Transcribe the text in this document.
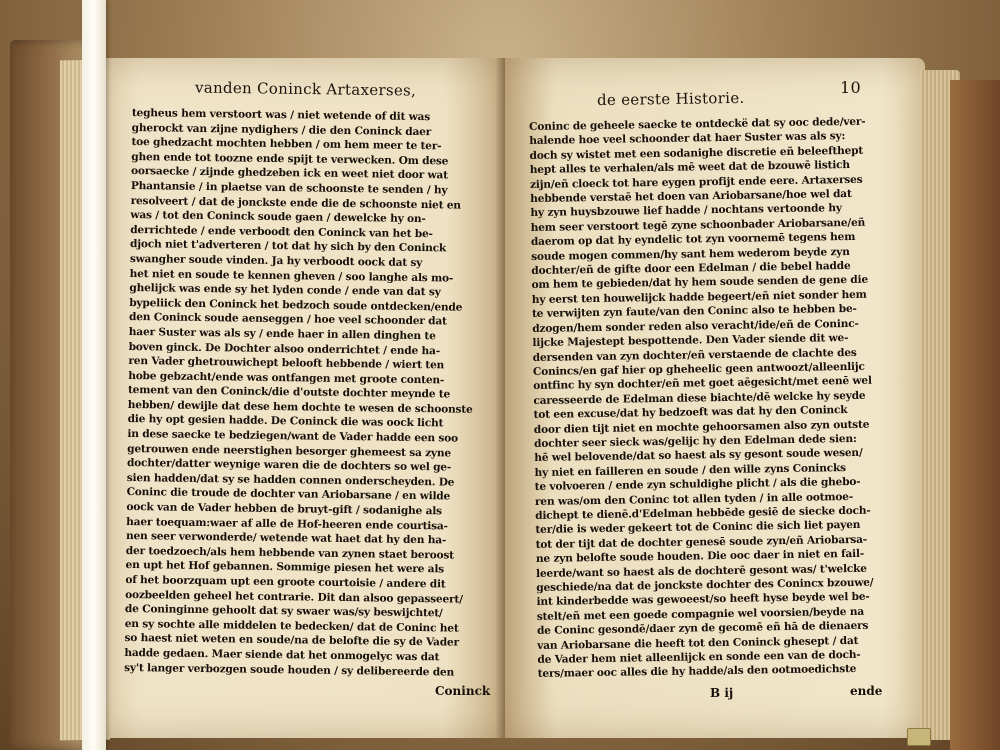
vanden Coninck Artaxerses,
tegheus hem verstoort was / niet wetende of dit was
gherockt van zijne nydighers / die den Coninck daer
toe ghedzacht mochten hebben / om hem meer te ter-
ghen ende tot toozne ende spijt te verwecken. Om dese
oorsaecke / zijnde ghedzeben ick en weet niet door wat
Phantansie / in plaetse van de schoonste te senden / hy
resolveert / dat de jonckste ende die de schoonste niet en
was / tot den Coninck soude gaen / dewelcke hy on-
derrichtede / ende verboodt den Coninck van het be-
djoch niet t'adverteren / tot dat hy sich by den Coninck
swangher soude vinden. Ja hy verboodt oock dat sy
het niet en soude te kennen gheven / soo langhe als mo-
ghelijck was ende sy het lyden conde / ende van dat sy
bypeliick den Coninck het bedzoch soude ontdecken/ende
den Coninck soude aenseggen / hoe veel schoonder dat
haer Suster was als sy / ende haer in allen dinghen te
boven ginck. De Dochter alsoo onderrichtet / ende ha-
ren Vader ghetrouwichept belooft hebbende / wiert ten
hobe gebzacht/ende was ontfangen met groote conten-
tement van den Coninck/die d'outste dochter meynde te
hebben/ dewijle dat dese hem dochte te wesen de schoonste
die hy opt gesien hadde. De Coninck die was oock licht
in dese saecke te bedziegen/want de Vader hadde een soo
getrouwen ende neerstighen besorger ghemeest sa zyne
dochter/datter weynige waren die de dochters so wel ge-
sien hadden/dat sy se hadden connen onderscheyden. De
Coninc die troude de dochter van Ariobarsane / en wilde
oock van de Vader hebben de bruyt-gift / sodanighe als
haer toequam:waer af alle de Hof-heeren ende courtisa-
nen seer verwonderde/ wetende wat haet dat hy den ha-
der toedzoech/als hem hebbende van zynen staet beroost
en upt het Hof gebannen. Sommige piesen het were als
of het boorzquam upt een groote courtoisie / andere dit
oozbeelden geheel het contrarie. Dit dan alsoo gepasseert/
de Coninginne gehoolt dat sy swaer was/sy beswijchtet/
en sy sochte alle middelen te bedecken/ dat de Coninc het
so haest niet weten en soude/na de belofte die sy de Vader
hadde gedaen. Maer siende dat het onmogelyc was dat
sy't langer verbozgen soude houden / sy delibereerde den
Coninck
de eerste Historie.
10
Coninc de geheele saecke te ontdeckë dat sy ooc dede/ver-
halende hoe veel schoonder dat haer Suster was als sy:
doch sy wistet met een sodanighe discretie eñ beleefthept
hept alles te verhalen/als mē weet dat de bzouwē listich
zijn/eñ cloeck tot hare eygen profijt ende eere. Artaxerses
hebbende verstaē het doen van Ariobarsane/hoe wel dat
hy zyn huysbzouwe lief hadde / nochtans vertoonde hy
hem seer verstoort tegē zyne schoonbader Ariobarsane/eñ
daerom op dat hy eyndelic tot zyn voornemē tegens hem
soude mogen commen/hy sant hem wederom beyde zyn
dochter/eñ de gifte door een Edelman / die bebel hadde
om hem te gebieden/dat hy hem soude senden de gene die
hy eerst ten houwelijck hadde begeert/eñ niet sonder hem
te verwijten zyn faute/van den Coninc also te hebben be-
dzogen/hem sonder reden also veracht/ide/eñ de Coninc-
lijcke Majestept bespottende. Den Vader siende dit we-
dersenden van zyn dochter/eñ verstaende de clachte des
Conincs/en gaf hier op gheheelic geen antwoozt/alleenlijc
ontfinc hy syn dochter/eñ met goet aēgesicht/met eenē wel
caresseerde de Edelman diese biachte/dē welcke hy seyde
tot een excuse/dat hy bedzoeft was dat hy den Coninck
door dien tijt niet en mochte gehoorsamen also zyn outste
dochter seer sieck was/gelijc hy den Edelman dede sien:
hē wel belovende/dat so haest als sy gesont soude wesen/
hy niet en failleren en soude / den wille zyns Conincks
te volvoeren / ende zyn schuldighe plicht / als die ghebo-
ren was/om den Coninc tot allen tyden / in alle ootmoe-
dichept te dienē.d'Edelman hebbēde gesiē de siecke doch-
ter/die is weder gekeert tot de Coninc die sich liet payen
tot der tijt dat de dochter genesē soude zyn/eñ Ariobarsa-
ne zyn belofte soude houden. Die ooc daer in niet en fail-
leerde/want so haest als de dochterē gesont was/ t'welcke
geschiede/na dat de jonckste dochter des Conincx bzouwe/
int kinderbedde was gewoeest/so heeft hyse beyde wel be-
stelt/eñ met een goede compagnie wel voorsien/beyde na
de Coninc gesondē/daer zyn de gecomē eñ hā de dienaers
van Ariobarsane die heeft tot den Coninck ghesept / dat
de Vader hem niet alleenlijck en sonde een van de doch-
ters/maer ooc alles die hy hadde/als den ootmoedichste
B ij	ende
